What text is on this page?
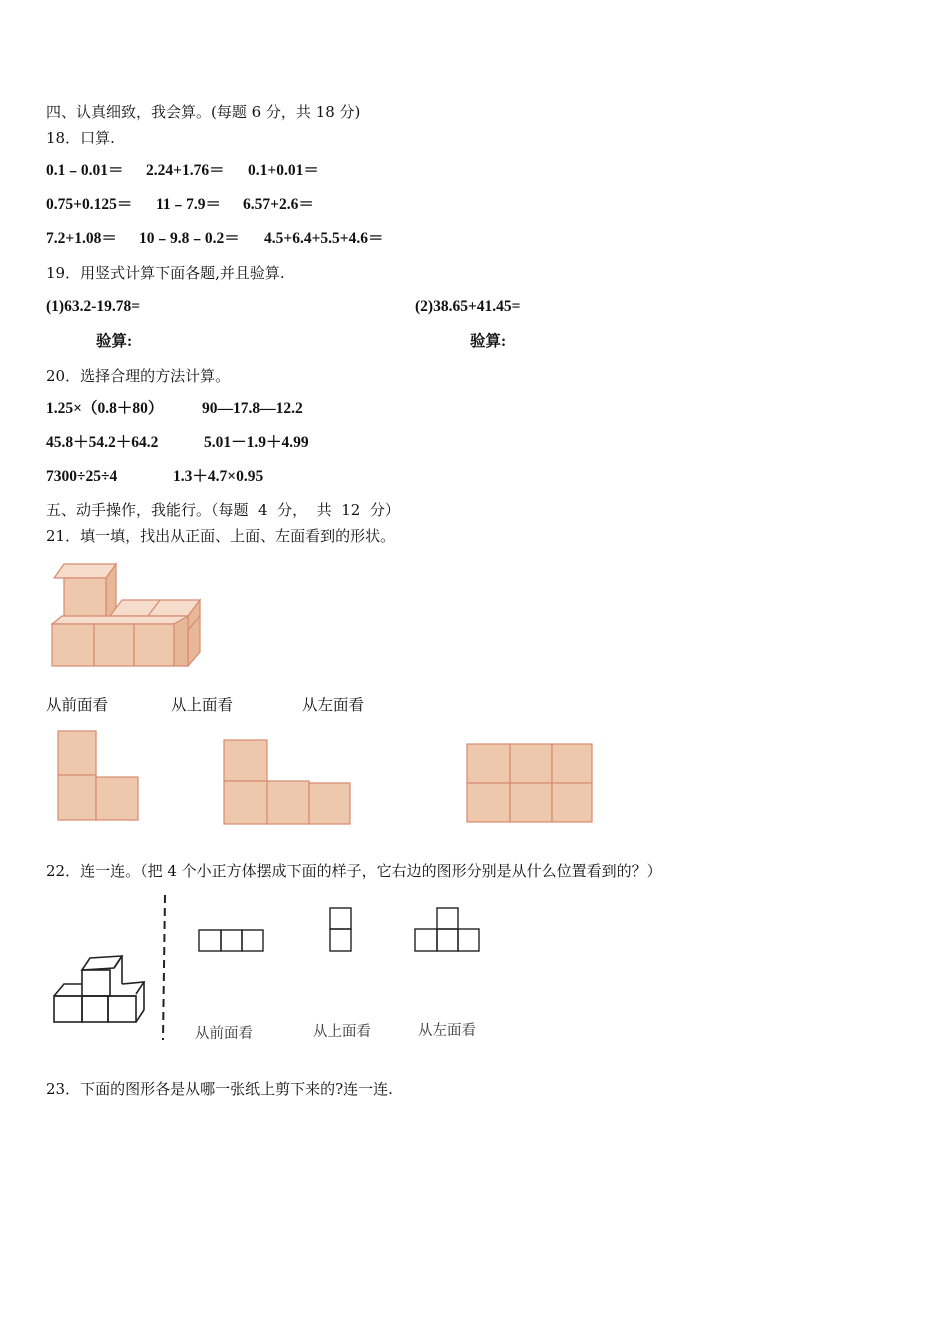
四、认真细致，我会算。(每题 6 分，共 18 分)
18．口算.
0.1﹣0.01＝ 2.24+1.76＝ 0.1+0.01＝
0.75+0.125＝ 11﹣7.9＝ 6.57+2.6＝
7.2+1.08＝ 10﹣9.8﹣0.2＝ 4.5+6.4+5.5+4.6＝
19．用竖式计算下面各题,并且验算.
(1)63.2-19.78=	(2)38.65+41.45=
验算:	验算:
20．选择合理的方法计算。
1.25×（0.8＋80） 90—17.8—12.2
45.8＋54.2＋64.2	5.01－1.9＋4.99
7300÷25÷4	1.3＋4.7×0.95
五、动手操作，我能行。（每题  4  分，  共  12  分）
21．填一填，找出从正面、上面、左面看到的形状。
从前面看	从上面看	从左面看
22．连一连。（把 4 个小正方体摆成下面的样子，它右边的图形分别是从什么位置看到的？）
从前面看	从上面看	从左面看
23．下面的图形各是从哪一张纸上剪下来的?连一连.
